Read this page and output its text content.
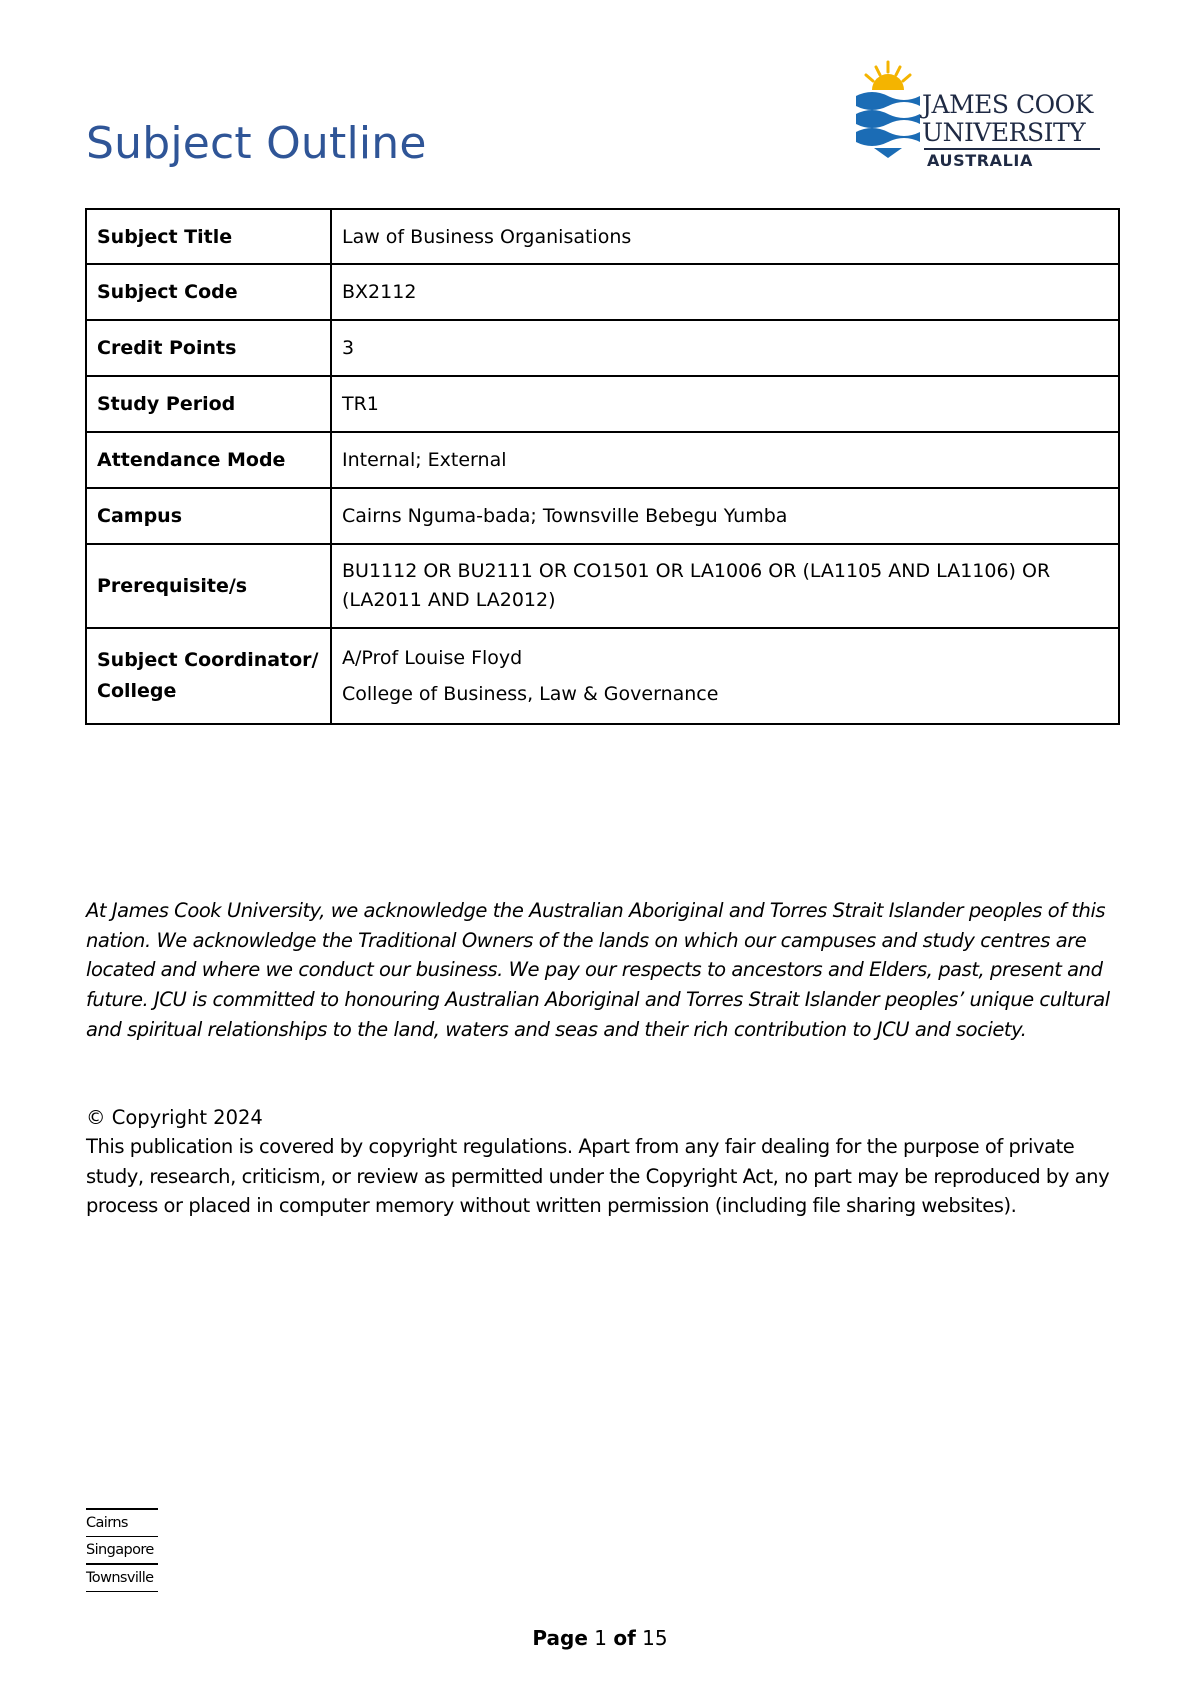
Subject Outline
JAMES COOK
UNIVERSITY
AUSTRALIA
Subject Title	Law of Business Organisations
Subject Code	BX2112
Credit Points	3
Study Period	TR1
Attendance Mode	Internal; External
Campus	Cairns Nguma-bada; Townsville Bebegu Yumba
Prerequisite/s	BU1112 OR BU2111 OR CO1501 OR LA1006 OR (LA1105 AND LA1106) OR (LA2011 AND LA2012)
Subject Coordinator/ College	A/Prof Louise Floyd
College of Business, Law & Governance

At James Cook University, we acknowledge the Australian Aboriginal and Torres Strait Islander peoples of this nation. We acknowledge the Traditional Owners of the lands on which our campuses and study centres are located and where we conduct our business. We pay our respects to ancestors and Elders, past, present and future. JCU is committed to honouring Australian Aboriginal and Torres Strait Islander peoples’ unique cultural and spiritual relationships to the land, waters and seas and their rich contribution to JCU and society.

© Copyright 2024

This publication is covered by copyright regulations. Apart from any fair dealing for the purpose of private study, research, criticism, or review as permitted under the Copyright Act, no part may be reproduced by any process or placed in computer memory without written permission (including file sharing websites).

Cairns
Singapore
Townsville
Page 1 of 15
